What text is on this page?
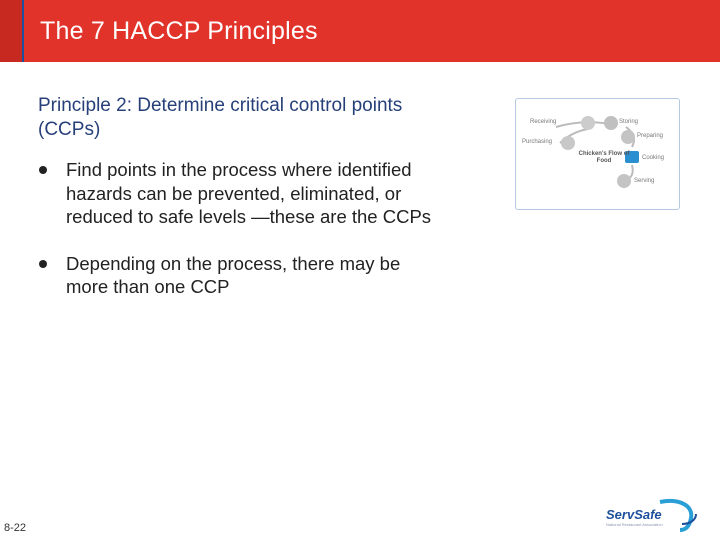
The 7 HACCP Principles
Principle 2: Determine critical control points (CCPs)
Find points in the process where identified hazards can be prevented, eliminated, or reduced to safe levels —these are the CCPs
Depending on the process, there may be more than one CCP
Receiving	Storing
Preparing
Purchasing
Cooking
Serving
Chicken's Flow of Food
8-22
ServSafe
National Restaurant Association
